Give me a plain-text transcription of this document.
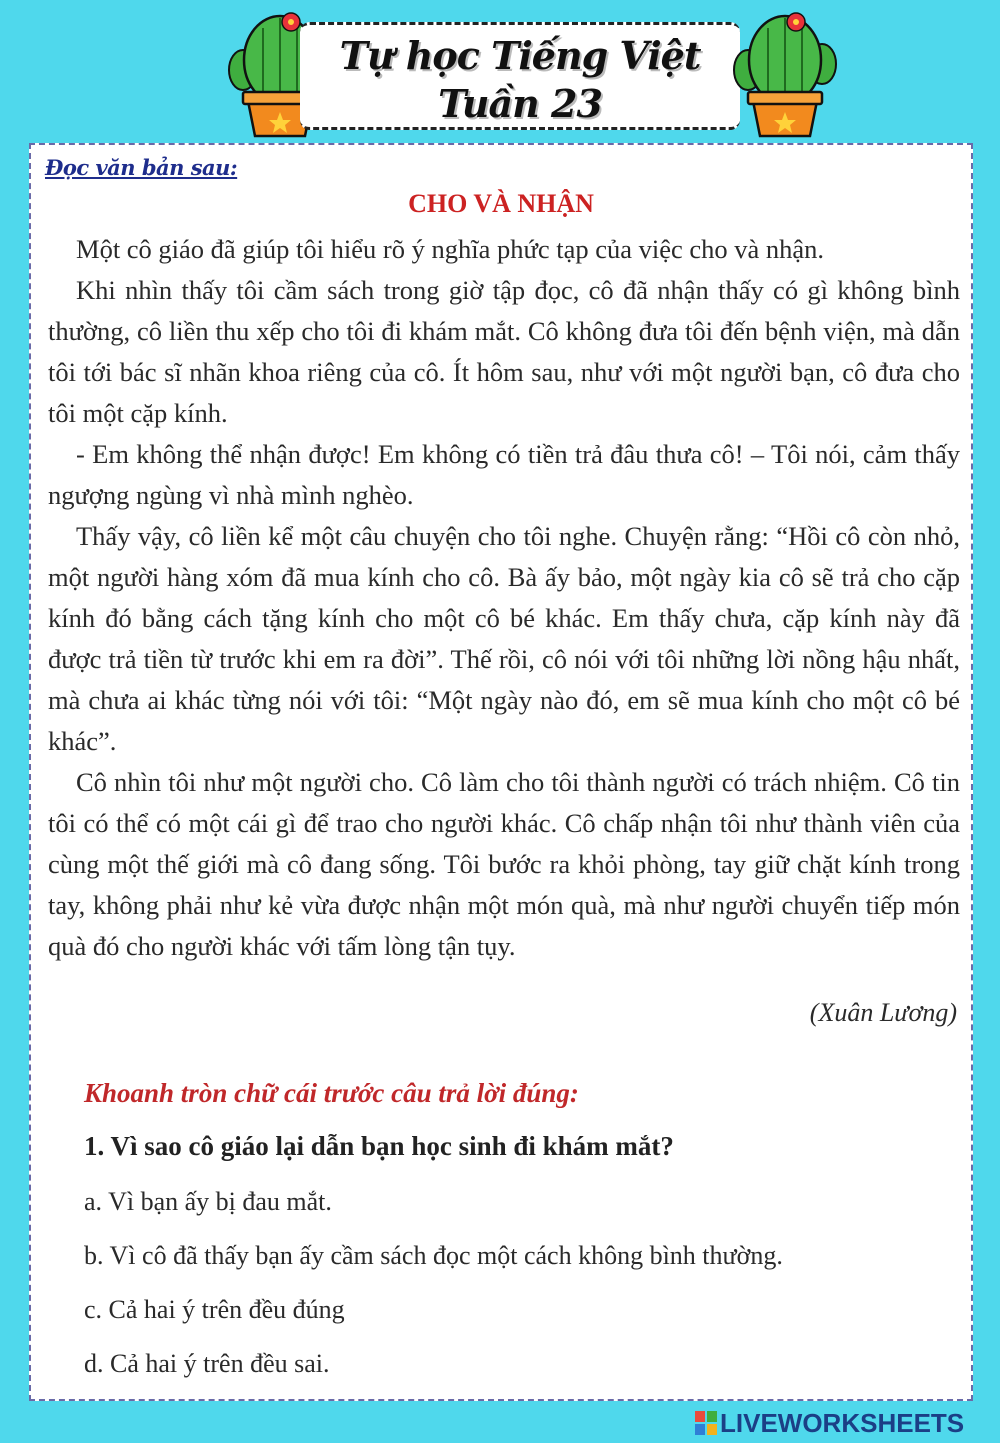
Tự học Tiếng Việt
Tuần 23
Đọc văn bản sau:
CHO VÀ NHẬN

Một cô giáo đã giúp tôi hiểu rõ ý nghĩa phức tạp của việc cho và nhận.

Khi nhìn thấy tôi cầm sách trong giờ tập đọc, cô đã nhận thấy có gì không bình thường, cô liền thu xếp cho tôi đi khám mắt. Cô không đưa tôi đến bệnh viện, mà dẫn tôi tới bác sĩ nhãn khoa riêng của cô. Ít hôm sau, như với một người bạn, cô đưa cho tôi một cặp kính.

- Em không thể nhận được! Em không có tiền trả đâu thưa cô! – Tôi nói, cảm thấy ngượng ngùng vì nhà mình nghèo.

Thấy vậy, cô liền kể một câu chuyện cho tôi nghe. Chuyện rằng: “Hồi cô còn nhỏ, một người hàng xóm đã mua kính cho cô. Bà ấy bảo, một ngày kia cô sẽ trả cho cặp kính đó bằng cách tặng kính cho một cô bé khác. Em thấy chưa, cặp kính này đã được trả tiền từ trước khi em ra đời”. Thế rồi, cô nói với tôi những lời nồng hậu nhất, mà chưa ai khác từng nói với tôi: “Một ngày nào đó, em sẽ mua kính cho một cô bé khác”.

Cô nhìn tôi như một người cho. Cô làm cho tôi thành người có trách nhiệm. Cô tin tôi có thể có một cái gì để trao cho người khác. Cô chấp nhận tôi như thành viên của cùng một thế giới mà cô đang sống. Tôi bước ra khỏi phòng, tay giữ chặt kính trong tay, không phải như kẻ vừa được nhận một món quà, mà như người chuyển tiếp món quà đó cho người khác với tấm lòng tận tụy.

(Xuân Lương)
Khoanh tròn chữ cái trước câu trả lời đúng:
1. Vì sao cô giáo lại dẫn bạn học sinh đi khám mắt?
a. Vì bạn ấy bị đau mắt.
b. Vì cô đã thấy bạn ấy cầm sách đọc một cách không bình thường.
c. Cả hai ý trên đều đúng
d. Cả hai ý trên đều sai.
LIVEWORKSHEETS
